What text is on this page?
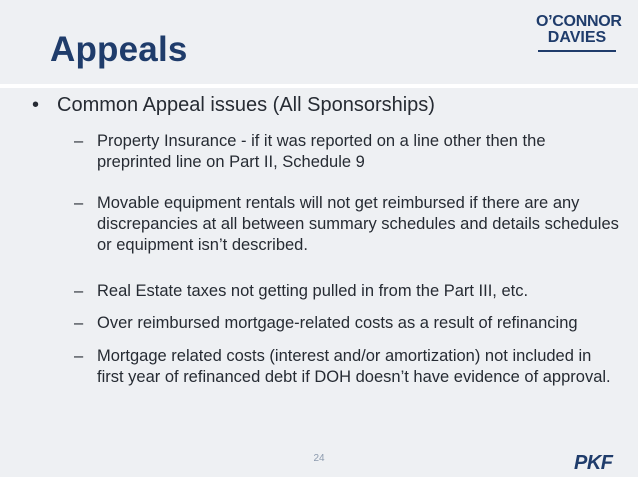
Appeals
O’CONNOR
DAVIES
• Common Appeal issues (All Sponsorships)
– Property Insurance - if it was reported on a line other then the preprinted line on Part II, Schedule 9
– Movable equipment rentals will not get reimbursed if there are any discrepancies at all between summary schedules and details schedules or equipment isn’t described.
– Real Estate taxes not getting pulled in from the Part III, etc.
– Over reimbursed mortgage-related costs as a result of refinancing
– Mortgage related costs (interest and/or amortization) not included in first year of refinanced debt if DOH doesn’t have evidence of approval.
24	PKF
